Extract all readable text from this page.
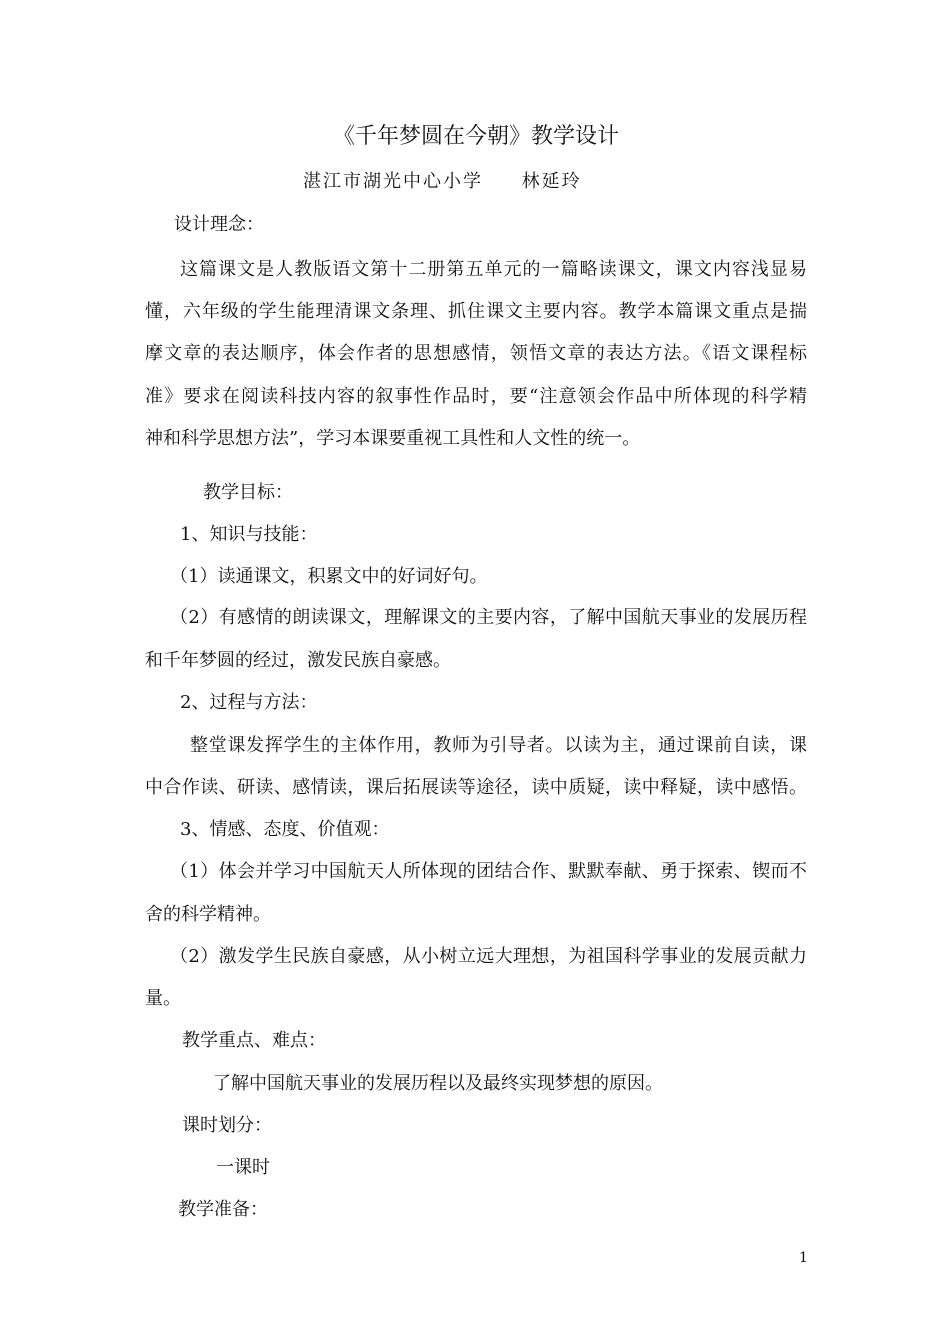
《千年梦圆在今朝》教学设计
湛江市湖光中心小学     林延玲
设计理念：
这篇课文是人教版语文第十二册第五单元的一篇略读课文，课文内容浅显易
懂，六年级的学生能理清课文条理、抓住课文主要内容。教学本篇课文重点是揣
摩文章的表达顺序，体会作者的思想感情，领悟文章的表达方法。《语文课程标
准》要求在阅读科技内容的叙事性作品时，要“注意领会作品中所体现的科学精
神和科学思想方法”，学习本课要重视工具性和人文性的统一。
教学目标：
1、知识与技能：
（1）读通课文，积累文中的好词好句。
（2）有感情的朗读课文，理解课文的主要内容，了解中国航天事业的发展历程
和千年梦圆的经过，激发民族自豪感。
2、过程与方法：
整堂课发挥学生的主体作用，教师为引导者。以读为主，通过课前自读，课
中合作读、研读、感情读，课后拓展读等途径，读中质疑，读中释疑，读中感悟。
3、情感、态度、价值观：
（1）体会并学习中国航天人所体现的团结合作、默默奉献、勇于探索、锲而不
舍的科学精神。
（2）激发学生民族自豪感，从小树立远大理想，为祖国科学事业的发展贡献力
量。
教学重点、难点：
了解中国航天事业的发展历程以及最终实现梦想的原因。
课时划分：
一课时
教学准备：
1
